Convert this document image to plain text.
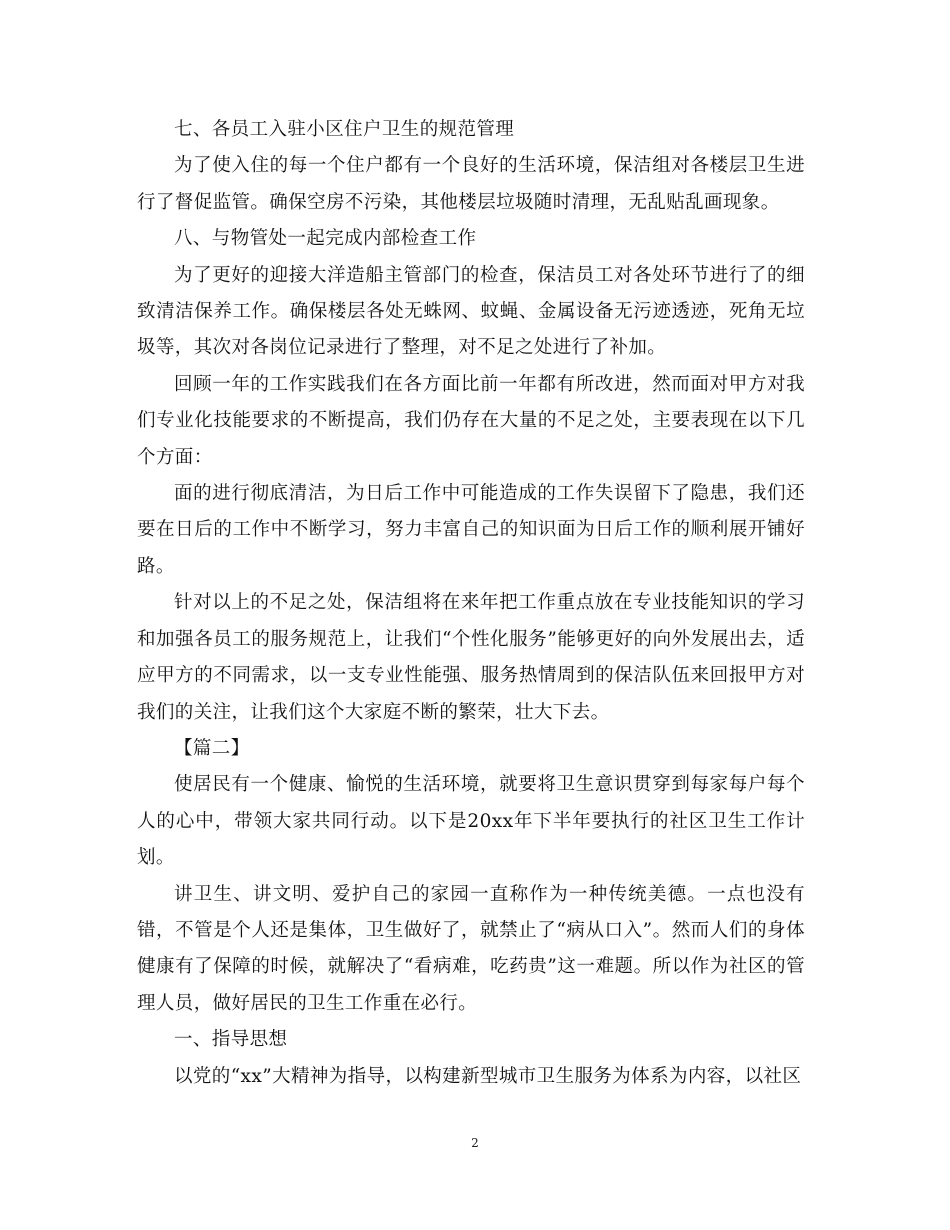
七、各员工入驻小区住户卫生的规范管理

为了使入住的每一个住户都有一个良好的生活环境，保洁组对各楼层卫生进行了督促监管。确保空房不污染，其他楼层垃圾随时清理，无乱贴乱画现象。

八、与物管处一起完成内部检查工作

为了更好的迎接大洋造船主管部门的检查，保洁员工对各处环节进行了的细致清洁保养工作。确保楼层各处无蛛网、蚊蝇、金属设备无污迹透迹，死角无垃圾等，其次对各岗位记录进行了整理，对不足之处进行了补加。

回顾一年的工作实践我们在各方面比前一年都有所改进，然而面对甲方对我们专业化技能要求的不断提高，我们仍存在大量的不足之处，主要表现在以下几个方面：

面的进行彻底清洁，为日后工作中可能造成的工作失误留下了隐患，我们还要在日后的工作中不断学习，努力丰富自己的知识面为日后工作的顺利展开铺好路。

针对以上的不足之处，保洁组将在来年把工作重点放在专业技能知识的学习和加强各员工的服务规范上，让我们“个性化服务”能够更好的向外发展出去，适应甲方的不同需求，以一支专业性能强、服务热情周到的保洁队伍来回报甲方对我们的关注，让我们这个大家庭不断的繁荣，壮大下去。

【篇二】

使居民有一个健康、愉悦的生活环境，就要将卫生意识贯穿到每家每户每个人的心中，带领大家共同行动。以下是20xx年下半年要执行的社区卫生工作计划。

讲卫生、讲文明、爱护自己的家园一直称作为一种传统美德。一点也没有错，不管是个人还是集体，卫生做好了，就禁止了“病从口入”。然而人们的身体健康有了保障的时候，就解决了“看病难，吃药贵”这一难题。所以作为社区的管理人员，做好居民的卫生工作重在必行。

一、指导思想

以党的“xx”大精神为指导，以构建新型城市卫生服务为体系为内容，以社区

2
